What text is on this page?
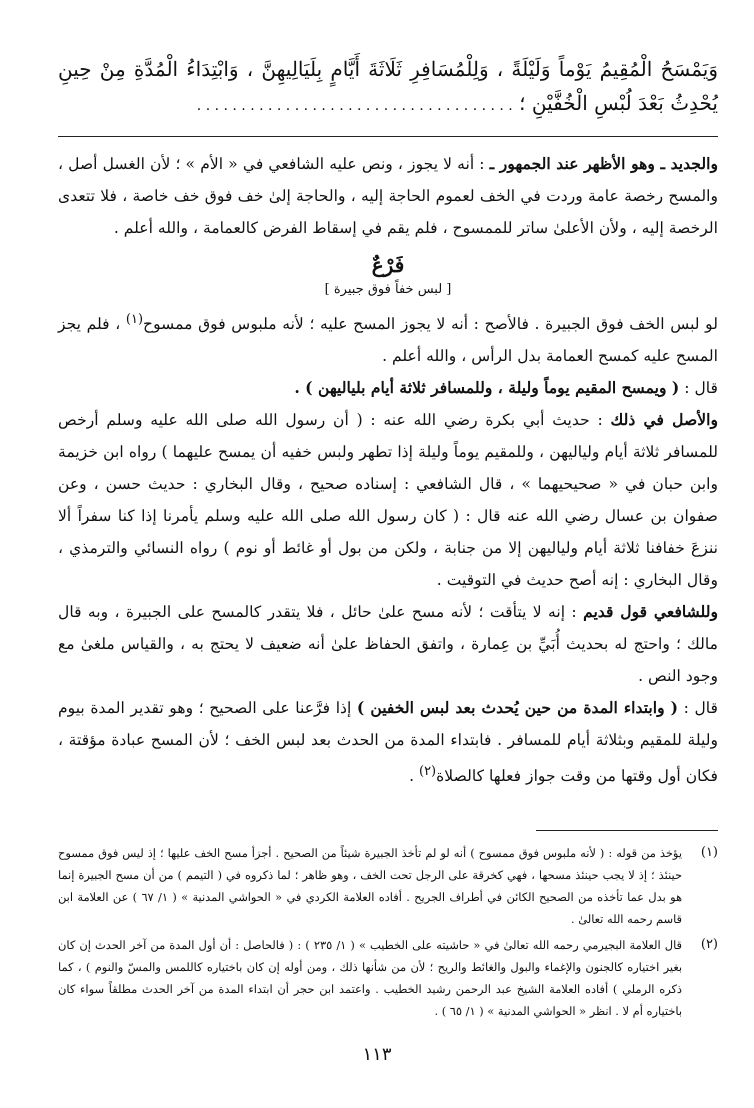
وَيَمْسَحُ الْمُقِيمُ يَوْماً وَلَيْلَةً ، وَلِلْمُسَافِرِ ثَلَاثَةَ أَيَّامٍ بِلَيَالِيهِنَّ ، وَابْتِدَاءُ الْمُدَّةِ مِنْ حِينِ يُحْدِثُ بَعْدَ لُبْسِ الْخُفَّيْنِ ؛ . . . . . . . . . . . . . . . . . . . . . . . . . . . . . . . . . . . .

والجديد ـ وهو الأظهر عند الجمهور ـ : أنه لا يجوز ، ونص عليه الشافعي في « الأم » ؛ لأن الغسل أصل ، والمسح رخصة عامة وردت في الخف لعموم الحاجة إليه ، والحاجة إلىٰ خف فوق خف خاصة ، فلا تتعدى الرخصة إليه ، ولأن الأعلىٰ ساتر للممسوح ، فلم يقم في إسقاط الفرض كالعمامة ، والله أعلم .

فَرْعٌ
[ لبس خفاً فوق جبيرة ]

لو لبس الخف فوق الجبيرة . فالأصح : أنه لا يجوز المسح عليه ؛ لأنه ملبوس فوق ممسوح$^{(١)}$ ، فلم يجز المسح عليه كمسح العمامة بدل الرأس ، والله أعلم .

قال : ( ويمسح المقيم يوماً وليلة ، وللمسافر ثلاثة أيام بلياليهن ) .

والأصل في ذلك : حديث أبي بكرة رضي الله عنه : ( أن رسول الله صلى الله عليه وسلم أرخص للمسافر ثلاثة أيام ولياليهن ، وللمقيم يوماً وليلة إذا تطهر ولبس خفيه أن يمسح عليهما ) رواه ابن خزيمة وابن حبان في « صحيحيهما » ، قال الشافعي : إسناده صحيح ، وقال البخاري : حديث حسن ، وعن صفوان بن عسال رضي الله عنه قال : ( كان رسول الله صلى الله عليه وسلم يأمرنا إذا كنا سفراً ألا ننزعَ خفافنا ثلاثة أيام ولياليهن إلا من جنابة ، ولكن من بول أو غائط أو نوم ) رواه النسائي والترمذي ، وقال البخاري : إنه أصح حديث في التوقيت .

وللشافعي قول قديم : إنه لا يتأقت ؛ لأنه مسح علىٰ حائل ، فلا يتقدر كالمسح على الجبيرة ، وبه قال مالك ؛ واحتج له بحديث أُبَيِّ بن عِمارة ، واتفق الحفاظ علىٰ أنه ضعيف لا يحتج به ، والقياس ملغىٰ مع وجود النص .

قال : ( وابتداء المدة من حين يُحدث بعد لبس الخفين ) إذا فرَّعنا على الصحيح ؛ وهو تقدير المدة بيوم وليلة للمقيم وبثلاثة أيام للمسافر . فابتداء المدة من الحدث بعد لبس الخف ؛ لأن المسح عبادة مؤقتة ، فكان أول وقتها من وقت جواز فعلها كالصلاة$^{(٢)}$ .

(١)
يؤخذ من قوله : ( لأنه ملبوس فوق ممسوح ) أنه لو لم تأخذ الجبيرة شيئاً من الصحيح . أجزأ مسح الخف عليها ؛ إذ ليس فوق ممسوح حينئذ ؛ إذ لا يجب حينئذ مسحها ، فهي كخرقة على الرجل تحت الخف ، وهو ظاهر ؛ لما ذكروه في ( التيمم ) من أن مسح الجبيرة إنما هو بدل عما تأخذه من الصحيح الكائن في أطراف الجريح . أفاده العلامة الكردي في « الحواشي المدنية » ( ١/ ٦٧ ) عن العلامة ابن قاسم رحمه الله تعالىٰ .
(٢)
قال العلامة البجيرمي رحمه الله تعالىٰ في « حاشيته على الخطيب » ( ١/ ٢٣٥ ) : ( فالحاصل : أن أول المدة من آخر الحدث إن كان بغير اختياره كالجنون والإغماء والبول والغائط والريح ؛ لأن من شأنها ذلك ، ومن أوله إن كان باختياره كاللمس والمسّ والنوم ) ، كما ذكره الرملي ) أفاده العلامة الشيخ عبد الرحمن رشيد الخطيب . واعتمد ابن حجر أن ابتداء المدة من آخر الحدث مطلقاً سواء كان باختياره أم لا . انظر « الحواشي المدنية » ( ١/ ٦٥ ) .
١١٣
